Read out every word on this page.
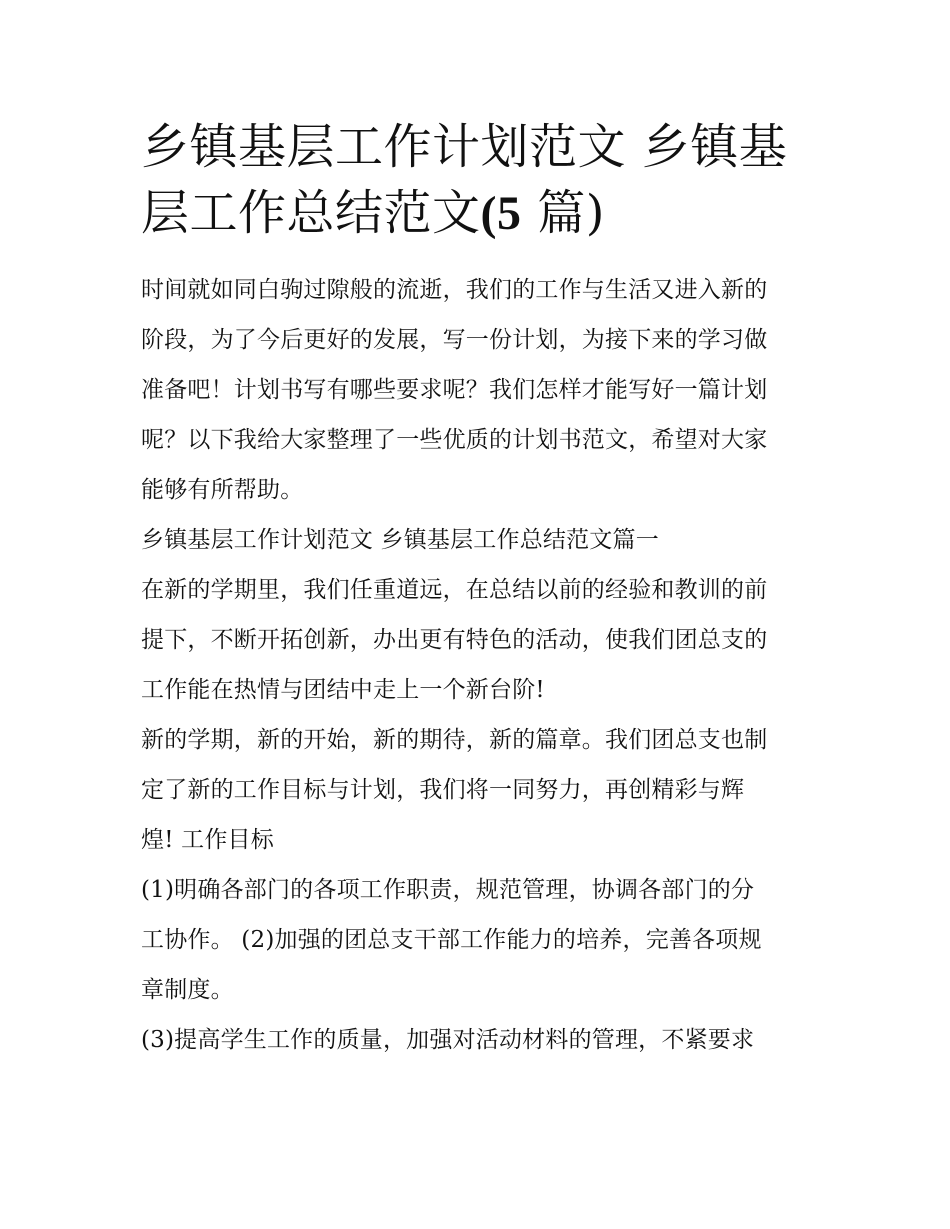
乡镇基层工作计划范文 乡镇基
层工作总结范文(5 篇)

时间就如同白驹过隙般的流逝，我们的工作与生活又进入新的
阶段，为了今后更好的发展，写一份计划，为接下来的学习做
准备吧！计划书写有哪些要求呢？我们怎样才能写好一篇计划
呢？以下我给大家整理了一些优质的计划书范文，希望对大家
能够有所帮助。

乡镇基层工作计划范文 乡镇基层工作总结范文篇一

在新的学期里，我们任重道远，在总结以前的经验和教训的前
提下，不断开拓创新，办出更有特色的活动，使我们团总支的
工作能在热情与团结中走上一个新台阶!

新的学期，新的开始，新的期待，新的篇章。我们团总支也制
定了新的工作目标与计划，我们将一同努力，再创精彩与辉
煌! 工作目标

(1)明确各部门的各项工作职责，规范管理，协调各部门的分
工协作。 (2)加强的团总支干部工作能力的培养，完善各项规
章制度。

(3)提高学生工作的质量，加强对活动材料的管理，不紧要求
